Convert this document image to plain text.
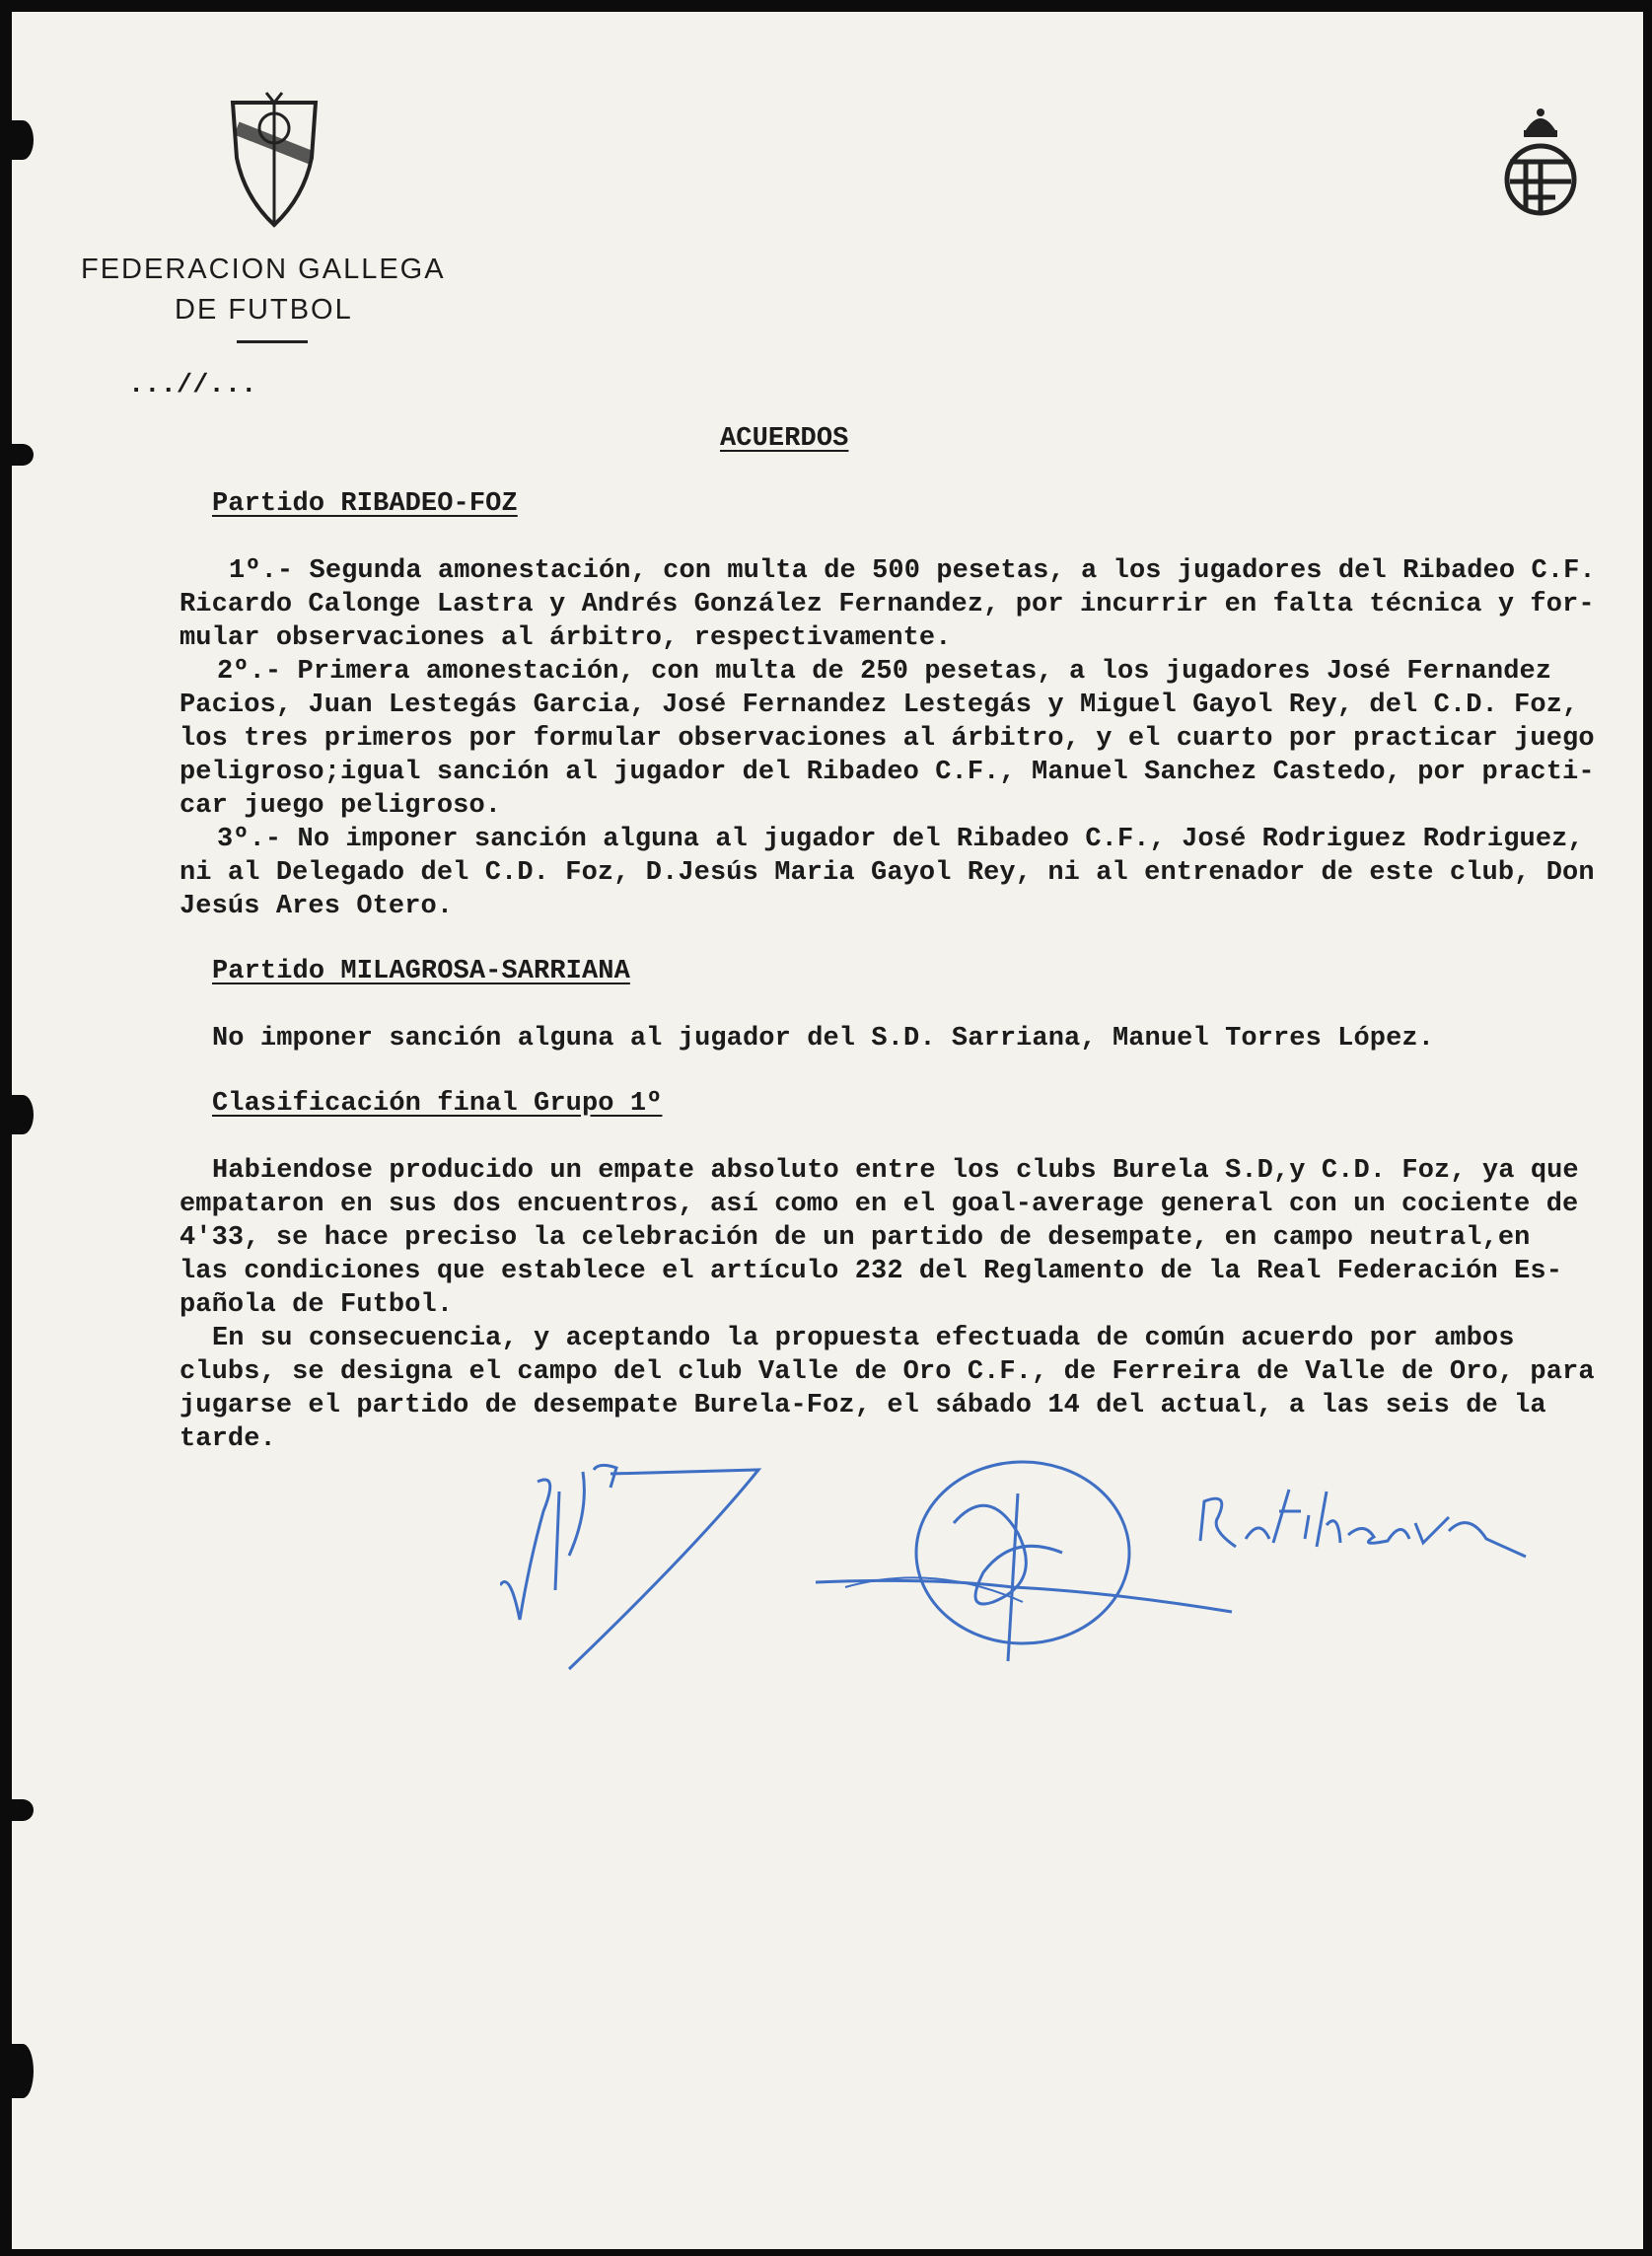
FEDERACION GALLEGA
DE FUTBOL
...//...
ACUERDOS
Partido RIBADEO-FOZ
1º.- Segunda amonestación, con multa de 500 pesetas, a los jugadores del Ribadeo C.F.
Ricardo Calonge Lastra y Andrés González Fernandez, por incurrir en falta técnica y for-
mular observaciones al árbitro, respectivamente.
2º.- Primera amonestación, con multa de 250 pesetas, a los jugadores José Fernandez
Pacios, Juan Lestegás Garcia, José Fernandez Lestegás y Miguel Gayol Rey, del C.D. Foz,
los tres primeros por formular observaciones al árbitro, y el cuarto por practicar juego
peligroso;igual sanción al jugador del Ribadeo C.F., Manuel Sanchez Castedo, por practi-
car juego peligroso.
3º.- No imponer sanción alguna al jugador del Ribadeo C.F., José Rodriguez Rodriguez,
ni al Delegado del C.D. Foz, D.Jesús Maria Gayol Rey, ni al entrenador de este club, Don
Jesús Ares Otero.
Partido MILAGROSA-SARRIANA
No imponer sanción alguna al jugador del S.D. Sarriana, Manuel Torres López.
Clasificación final Grupo 1º
Habiendose producido un empate absoluto entre los clubs Burela S.D,y C.D. Foz, ya que
empataron en sus dos encuentros, así como en el goal-average general con un cociente de
4'33, se hace preciso la celebración de un partido de desempate, en campo neutral,en
las condiciones que establece el artículo 232 del Reglamento de la Real Federación Es-
pañola de Futbol.
En su consecuencia, y aceptando la propuesta efectuada de común acuerdo por ambos
clubs, se designa el campo del club Valle de Oro C.F., de Ferreira de Valle de Oro, para
jugarse el partido de desempate Burela-Foz, el sábado 14 del actual, a las seis de la
tarde.
